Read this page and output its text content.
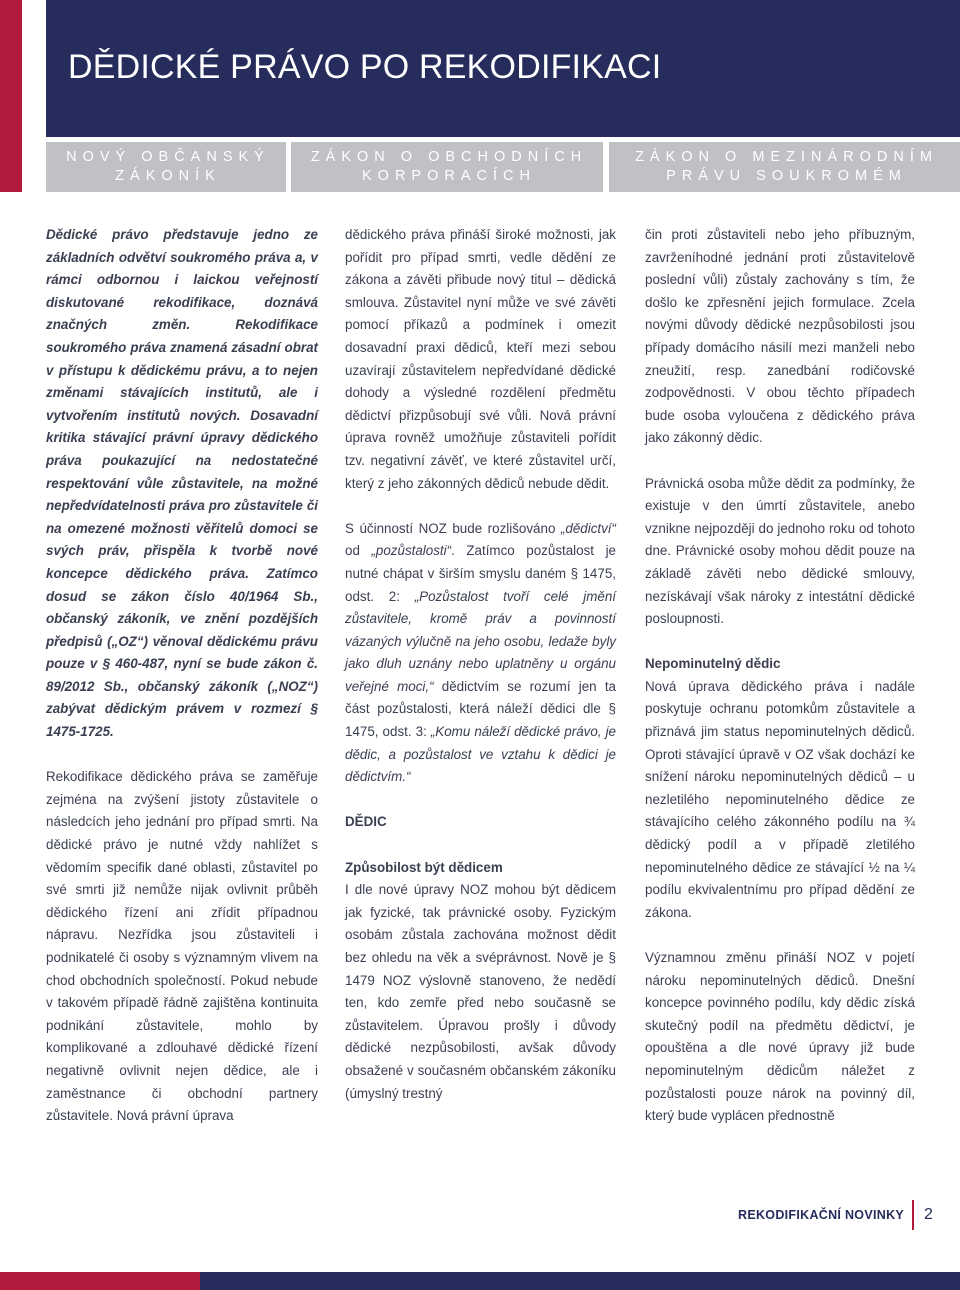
DĚDICKÉ PRÁVO PO REKODIFIKACI
NOVÝ OBČANSKÝ ZÁKONÍK
ZÁKON O OBCHODNÍCH KORPORACÍCH
ZÁKON O MEZINÁRODNÍM PRÁVU SOUKROMÉM

Dědické právo představuje jedno ze základních odvětví soukromého práva a, v rámci odbornou i laickou veřejností diskutované rekodifikace, doznává značných změn. Rekodifikace soukromého práva znamená zásadní obrat v přístupu k dědickému právu, a to nejen změnami stávajících institutů, ale i vytvořením institutů nových. Dosavadní kritika stávající právní úpravy dědického práva poukazující na nedostatečné respektování vůle zůstavitele, na možné nepředvídatelnosti práva pro zůstavitele či na omezené možnosti věřitelů domoci se svých práv, přispěla k tvorbě nové koncepce dědického práva. Zatímco dosud se zákon číslo 40/1964 Sb., občanský zákoník, ve znění pozdějších předpisů („OZ“) věnoval dědickému právu pouze v § 460-487, nyní se bude zákon č. 89/2012 Sb., občanský zákoník („NOZ“) zabývat dědickým právem v rozmezí § 1475-1725.

Rekodifikace dědického práva se zaměřuje zejména na zvýšení jistoty zůstavitele o následcích jeho jednání pro případ smrti. Na dědické právo je nutné vždy nahlížet s vědomím specifik dané oblasti, zůstavitel po své smrti již nemůže nijak ovlivnit průběh dědického řízení ani zřídit případnou nápravu. Nezřídka jsou zůstaviteli i podnikatelé či osoby s významným vlivem na chod obchodních společností. Pokud nebude v takovém případě řádně zajištěna kontinuita podnikání zůstavitele, mohlo by komplikované a zdlouhavé dědické řízení negativně ovlivnit nejen dědice, ale i zaměstnance či obchodní partnery zůstavitele. Nová právní úprava

dědického práva přináší široké možnosti, jak pořídit pro případ smrti, vedle dědění ze zákona a závěti přibude nový titul – dědická smlouva. Zůstavitel nyní může ve své závěti pomocí příkazů a podmínek i omezit dosavadní praxi dědiců, kteří mezi sebou uzavírají zůstavitelem nepředvídané dědické dohody a výsledné rozdělení předmětu dědictví přizpůsobují své vůli. Nová právní úprava rovněž umožňuje zůstaviteli pořídit tzv. negativní závěť, ve které zůstavitel určí, který z jeho zákonných dědiců nebude dědit.

S účinností NOZ bude rozlišováno „dědictví“ od „pozůstalosti“. Zatímco pozůstalost je nutné chápat v širším smyslu daném § 1475, odst. 2: „Pozůstalost tvoří celé jmění zůstavitele, kromě práv a povinností vázaných výlučně na jeho osobu, ledaže byly jako dluh uznány nebo uplatněny u orgánu veřejné moci,“ dědictvím se rozumí jen ta část pozůstalosti, která náleží dědici dle § 1475, odst. 3: „Komu náleží dědické právo, je dědic, a pozůstalost ve vztahu k dědici je dědictvím.“

DĚDIC
Způsobilost být dědicem

I dle nové úpravy NOZ mohou být dědicem jak fyzické, tak právnické osoby. Fyzickým osobám zůstala zachována možnost dědit bez ohledu na věk a svéprávnost. Nově je § 1479 NOZ výslovně stanoveno, že nedědí ten, kdo zemře před nebo současně se zůstavitelem. Úpravou prošly i důvody dědické nezpůsobilosti, avšak důvody obsažené v současném občanském zákoníku (úmyslný trestný

čin proti zůstaviteli nebo jeho příbuzným, zavrženíhodné jednání proti zůstavitelově poslední vůli) zůstaly zachovány s tím, že došlo ke zpřesnění jejich formulace. Zcela novými důvody dědické nezpůsobilosti jsou případy domácího násilí mezi manželi nebo zneužití, resp. zanedbání rodičovské zodpovědnosti. V obou těchto případech bude osoba vyloučena z dědického práva jako zákonný dědic.

Právnická osoba může dědit za podmínky, že existuje v den úmrtí zůstavitele, anebo vznikne nejpozději do jednoho roku od tohoto dne. Právnické osoby mohou dědit pouze na základě závěti nebo dědické smlouvy, nezískávají však nároky z intestátní dědické posloupnosti.

Nepominutelný dědic

Nová úprava dědického práva i nadále poskytuje ochranu potomkům zůstavitele a přiznává jim status nepominutelných dědiců. Oproti stávající úpravě v OZ však dochází ke snížení nároku nepominutelných dědiců – u nezletilého nepominutelného dědice ze stávajícího celého zákonného podílu na ¾ dědický podíl a v případě zletilého nepominutelného dědice ze stávající ½ na ¼ podílu ekvivalentnímu pro případ dědění ze zákona.

Významnou změnu přináší NOZ v pojetí nároku nepominutelných dědiců. Dnešní koncepce povinného podílu, kdy dědic získá skutečný podíl na předmětu dědictví, je opouštěna a dle nové úpravy již bude nepominutelným dědicům náležet z pozůstalosti pouze nárok na povinný díl, který bude vyplácen přednostně

REKODIFIKAČNÍ NOVINKY 2
